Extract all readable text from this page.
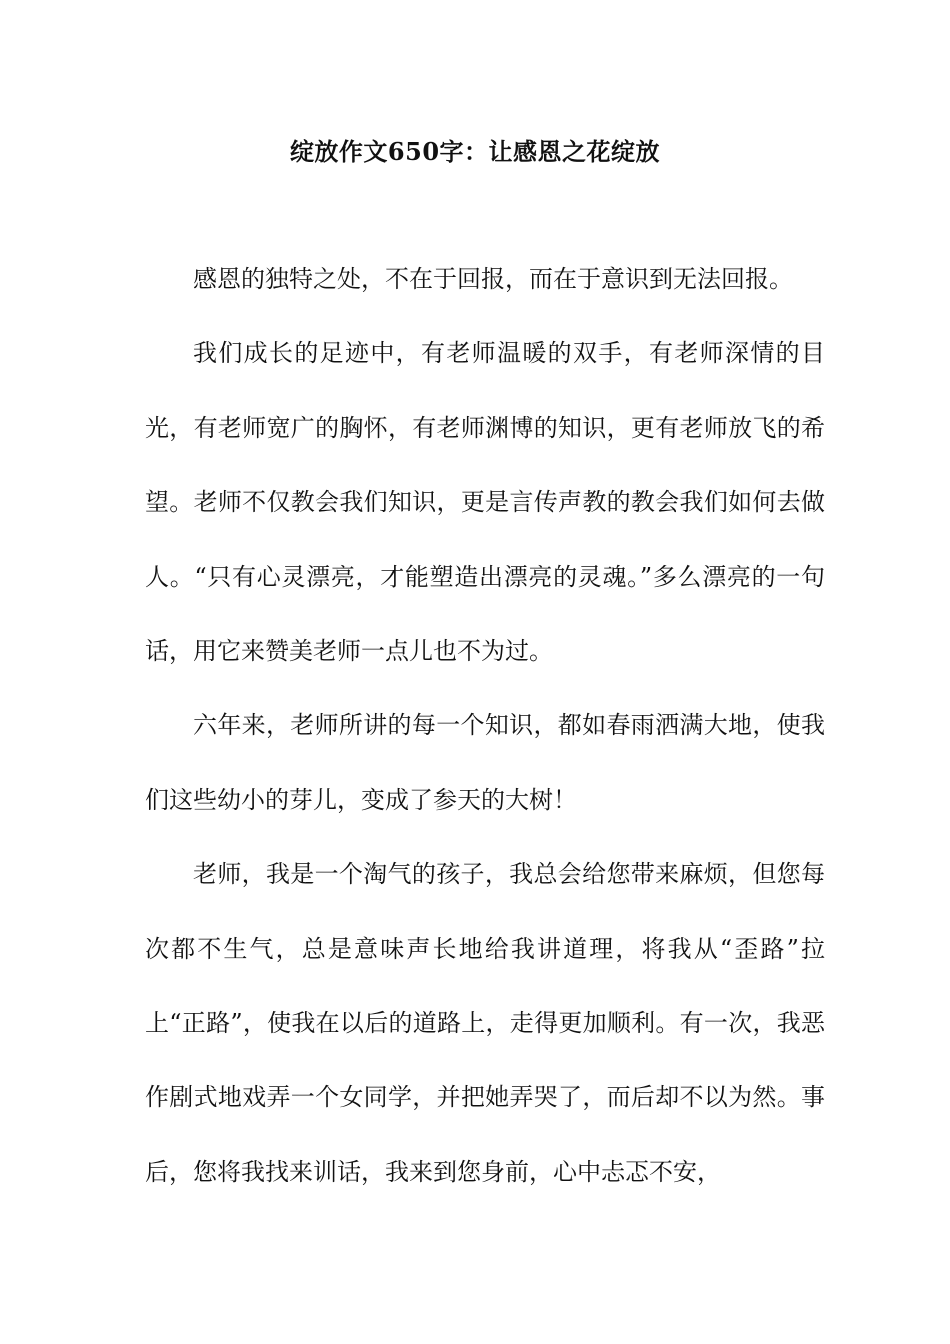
绽放作文650字：让感恩之花绽放

感恩的独特之处，不在于回报，而在于意识到无法回报。

我们成长的足迹中，有老师温暖的双手，有老师深情的目光，有老师宽广的胸怀，有老师渊博的知识，更有老师放飞的希望。老师不仅教会我们知识，更是言传声教的教会我们如何去做人。“只有心灵漂亮，才能塑造出漂亮的灵魂。”多么漂亮的一句话，用它来赞美老师一点儿也不为过。

六年来，老师所讲的每一个知识，都如春雨洒满大地，使我们这些幼小的芽儿，变成了参天的大树！

老师，我是一个淘气的孩子，我总会给您带来麻烦，但您每次都不生气，总是意味声长地给我讲道理，将我从“歪路”拉上“正路”，使我在以后的道路上，走得更加顺利。有一次，我恶作剧式地戏弄一个女同学，并把她弄哭了，而后却不以为然。事后，您将我找来训话，我来到您身前，心中忐忑不安，
